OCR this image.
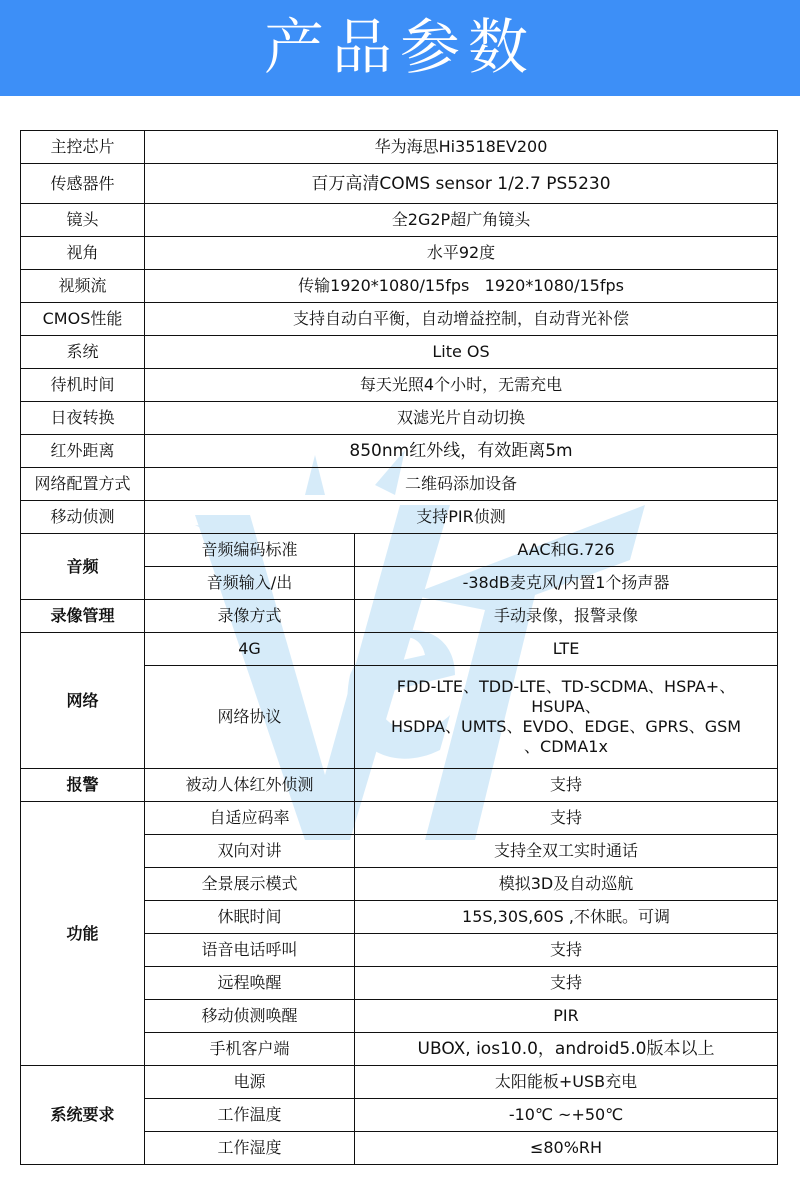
产品参数
主控芯片	华为海思Hi3518EV200	
传感器件	百万高清COMS sensor 1/2.7 PS5230	
镜头	全2G2P超广角镜头	
视角	水平92度	
视频流	传输1920*1080/15fps   1920*1080/15fps	
CMOS性能	支持自动白平衡，自动增益控制，自动背光补偿	
系统	Lite OS	
待机时间	每天光照4个小时，无需充电	
日夜转换	双滤光片自动切换	
红外距离	850nm红外线，有效距离5m	
网络配置方式	二维码添加设备	
移动侦测	支持PIR侦测	
音频	音频编码标准	AAC和G.726
	音频输入/出	-38dB麦克风/内置1个扬声器
录像管理	录像方式	手动录像，报警录像
网络	4G	LTE
	网络协议	FDD-LTE、TDD-LTE、TD-SCDMA、HSPA+、
HSUPA、
HSDPA、UMTS、EVDO、EDGE、GPRS、GSM
、CDMA1x

报警	被动人体红外侦测	支持
功能	自适应码率	支持
	双向对讲	支持全双工实时通话
	全景展示模式	模拟3D及自动巡航
	休眠时间	15S,30S,60S ,不休眠。可调
	语音电话呼叫	支持
	远程唤醒	支持
	移动侦测唤醒	PIR
	手机客户端	UBOX, ios10.0，android5.0版本以上
系统要求	电源	太阳能板+USB充电
	工作温度	-10℃ ~+50℃
	工作湿度	≤80%RH
